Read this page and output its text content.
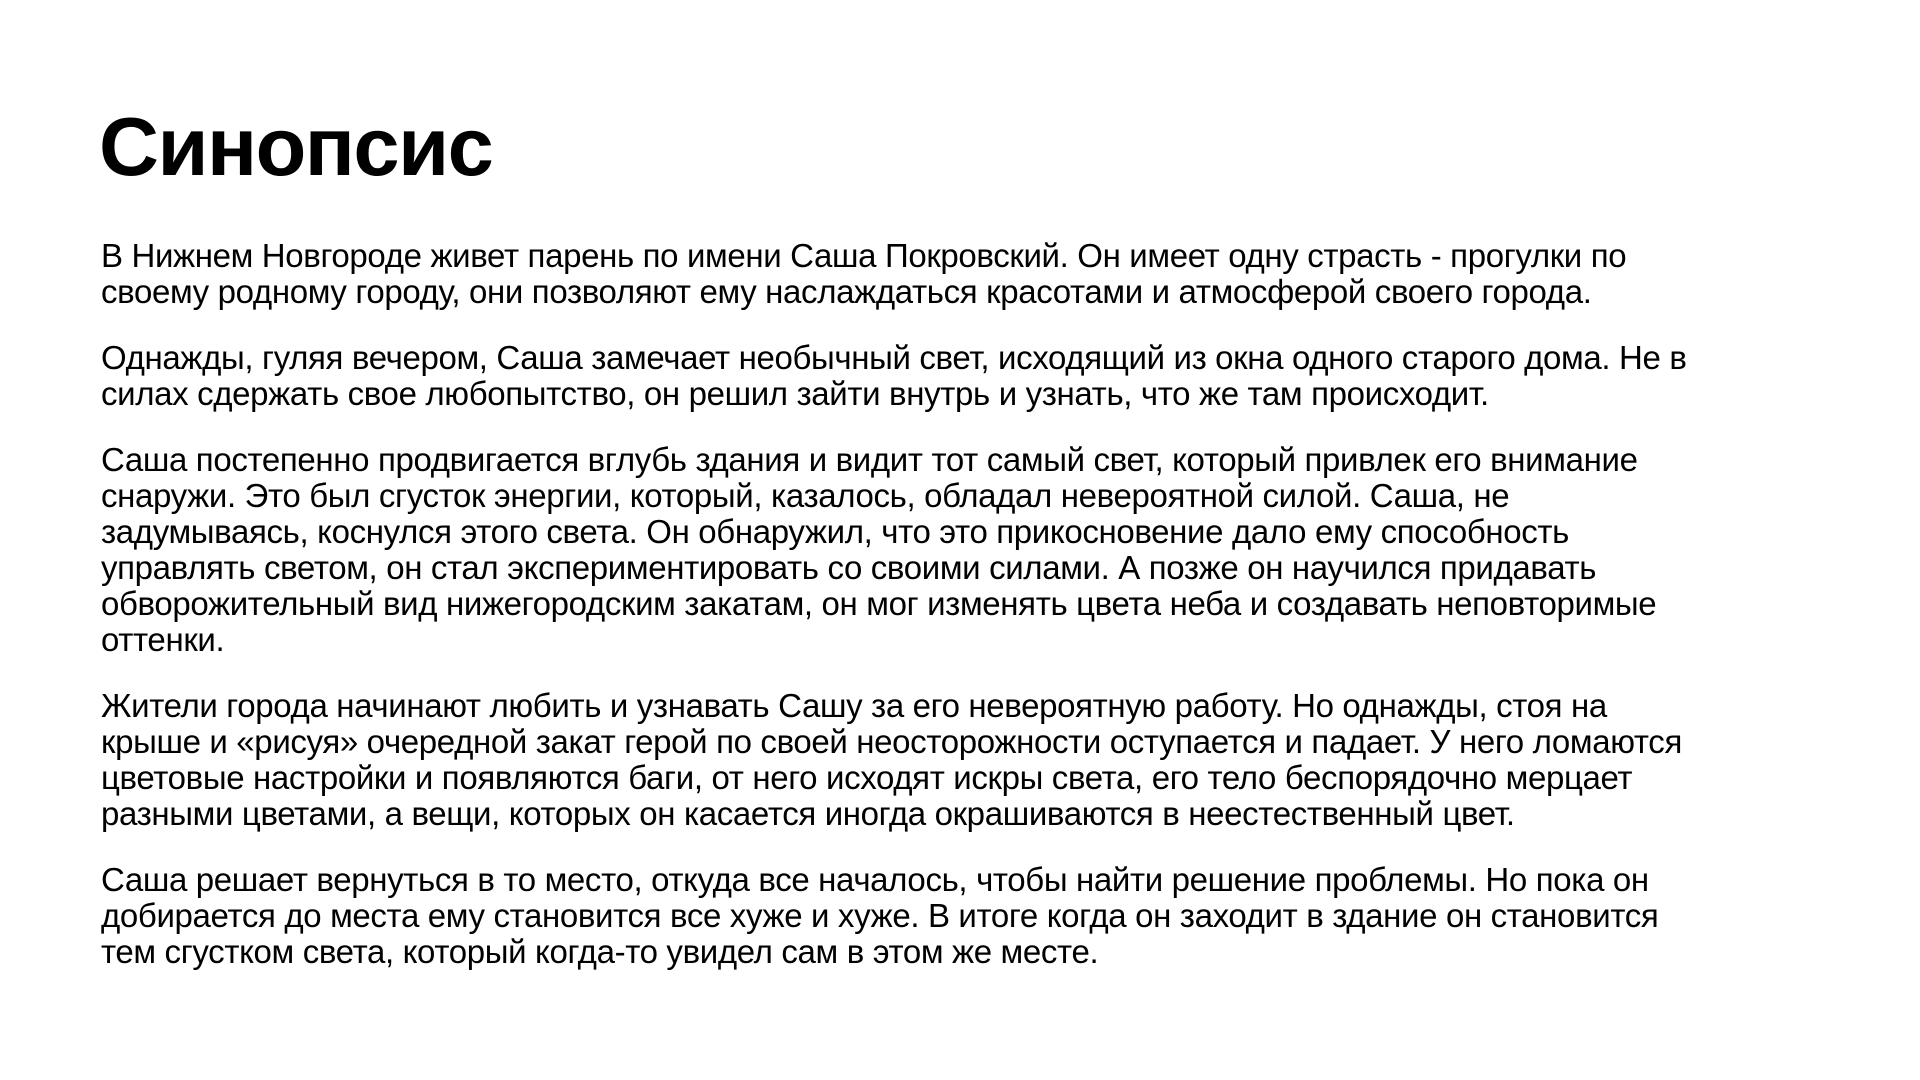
Синопсис

В Нижнем Новгороде живет парень по имени Саша Покровский. Он имеет одну страсть - прогулки по
своему родному городу, они позволяют ему наслаждаться красотами и атмосферой своего города.

Однажды, гуляя вечером, Саша замечает необычный свет, исходящий из окна одного старого дома. Не в
силах сдержать свое любопытство, он решил зайти внутрь и узнать, что же там происходит.

Саша постепенно продвигается вглубь здания и видит тот самый свет, который привлек его внимание
снаружи. Это был сгусток энергии, который, казалось, обладал невероятной силой. Саша, не
задумываясь, коснулся этого света. Он обнаружил, что это прикосновение дало ему способность
управлять светом, он стал экспериментировать со своими силами. А позже он научился придавать
обворожительный вид нижегородским закатам, он мог изменять цвета неба и создавать неповторимые
оттенки.

Жители города начинают любить и узнавать Сашу за его невероятную работу. Но однажды, стоя на
крыше и «рисуя» очередной закат герой по своей неосторожности оступается и падает. У него ломаются
цветовые настройки и появляются баги, от него исходят искры света, его тело беспорядочно мерцает
разными цветами, а вещи, которых он касается иногда окрашиваются в неестественный цвет.

Саша решает вернуться в то место, откуда все началось, чтобы найти решение проблемы. Но пока он
добирается до места ему становится все хуже и хуже. В итоге когда он заходит в здание он становится
тем сгустком света, который когда-то увидел сам в этом же месте.
